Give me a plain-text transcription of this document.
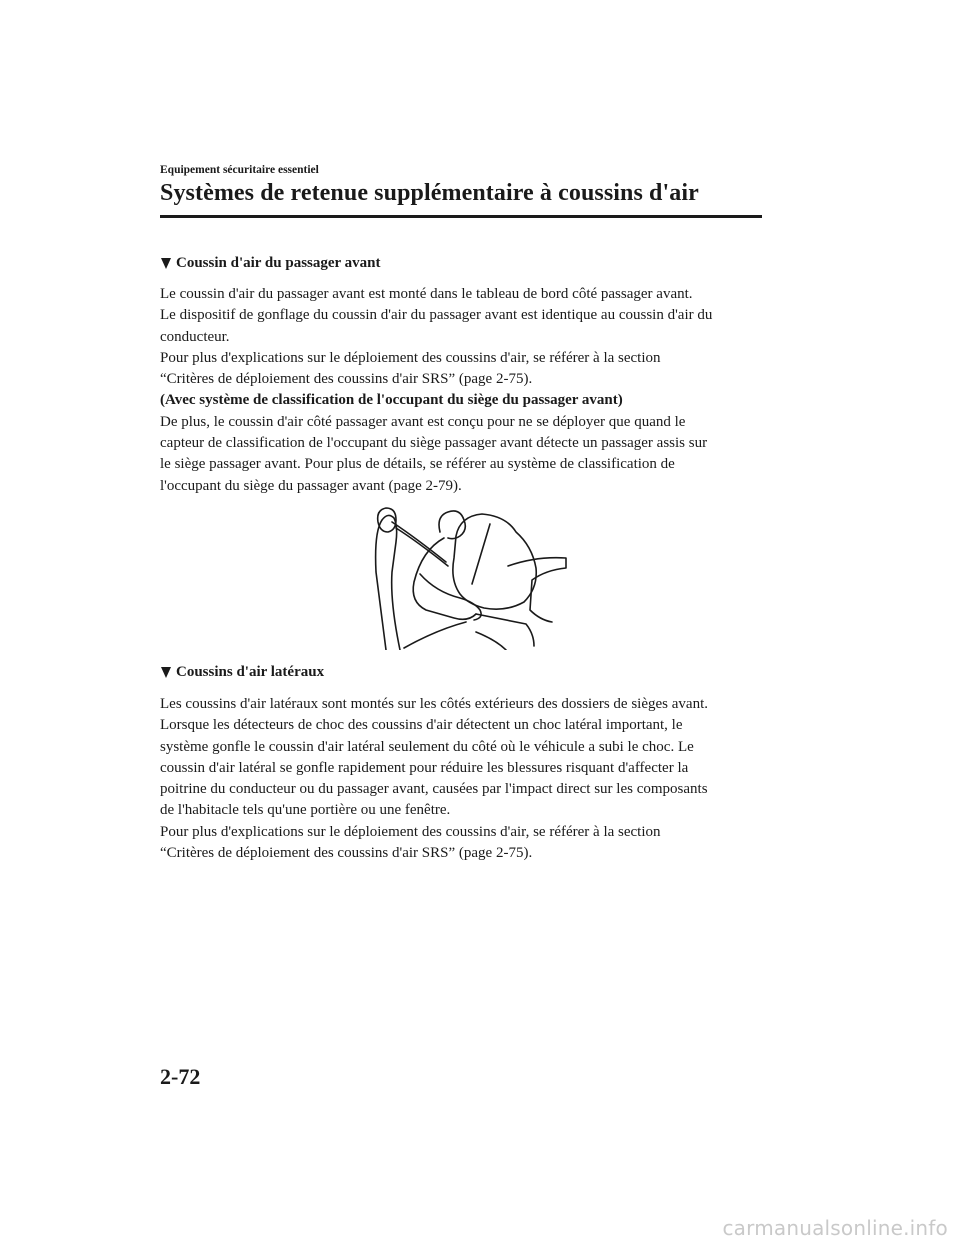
Equipement sécuritaire essentiel

Systèmes de retenue supplémentaire à coussins d'air
Coussin d'air du passager avant

Le coussin d'air du passager avant est monté dans le tableau de bord côté passager avant.

Le dispositif de gonflage du coussin d'air du passager avant est identique au coussin d'air du

conducteur.

Pour plus d'explications sur le déploiement des coussins d'air, se référer à la section

“Critères de déploiement des coussins d'air SRS” (page 2-75).

(Avec système de classification de l'occupant du siège du passager avant)

De plus, le coussin d'air côté passager avant est conçu pour ne se déployer que quand le

capteur de classification de l'occupant du siège passager avant détecte un passager assis sur

le siège passager avant. Pour plus de détails, se référer au système de classification de

l'occupant du siège du passager avant (page 2-79).

Coussins d'air latéraux

Les coussins d'air latéraux sont montés sur les côtés extérieurs des dossiers de sièges avant.

Lorsque les détecteurs de choc des coussins d'air détectent un choc latéral important, le

système gonfle le coussin d'air latéral seulement du côté où le véhicule a subi le choc. Le

coussin d'air latéral se gonfle rapidement pour réduire les blessures risquant d'affecter la

poitrine du conducteur ou du passager avant, causées par l'impact direct sur les composants

de l'habitacle tels qu'une portière ou une fenêtre.

Pour plus d'explications sur le déploiement des coussins d'air, se référer à la section

“Critères de déploiement des coussins d'air SRS” (page 2-75).

2-72

carmanualsonline.info
